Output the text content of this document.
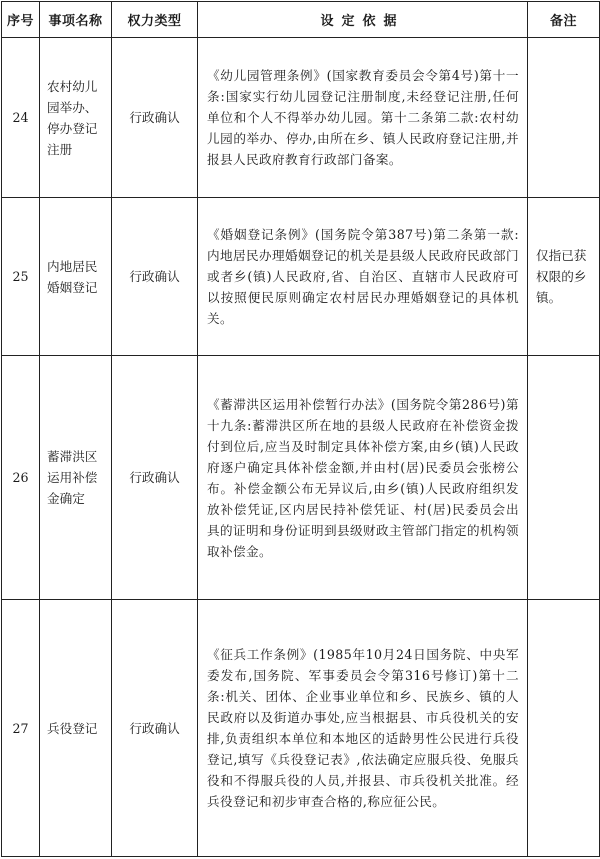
序号	事项名称	权力类型	设定依据	备注
24	农村幼儿园举办、停办登记注册	行政确认	《幼儿园管理条例》(国家教育委员会令第4号)第十一条:国家实行幼儿园登记注册制度,未经登记注册,任何单位和个人不得举办幼儿园。第十二条第二款:农村幼儿园的举办、停办,由所在乡、镇人民政府登记注册,并报县人民政府教育行政部门备案。	
25	内地居民婚姻登记	行政确认	《婚姻登记条例》(国务院令第387号)第二条第一款:内地居民办理婚姻登记的机关是县级人民政府民政部门或者乡(镇)人民政府,省、自治区、直辖市人民政府可以按照便民原则确定农村居民办理婚姻登记的具体机关。	仅指已获权限的乡镇。
26	蓄滞洪区运用补偿金确定	行政确认	《蓄滞洪区运用补偿暂行办法》(国务院令第286号)第十九条:蓄滞洪区所在地的县级人民政府在补偿资金拨付到位后,应当及时制定具体补偿方案,由乡(镇)人民政府逐户确定具体补偿金额,并由村(居)民委员会张榜公布。补偿金额公布无异议后,由乡(镇)人民政府组织发放补偿凭证,区内居民持补偿凭证、村(居)民委员会出具的证明和身份证明到县级财政主管部门指定的机构领取补偿金。	
27	兵役登记	行政确认	《征兵工作条例》(1985年10月24日国务院、中央军委发布,国务院、军事委员会令第316号修订)第十二条:机关、团体、企业事业单位和乡、民族乡、镇的人民政府以及街道办事处,应当根据县、市兵役机关的安排,负责组织本单位和本地区的适龄男性公民进行兵役登记,填写《兵役登记表》,依法确定应服兵役、免服兵役和不得服兵役的人员,并报县、市兵役机关批准。经兵役登记和初步审查合格的,称应征公民。	
